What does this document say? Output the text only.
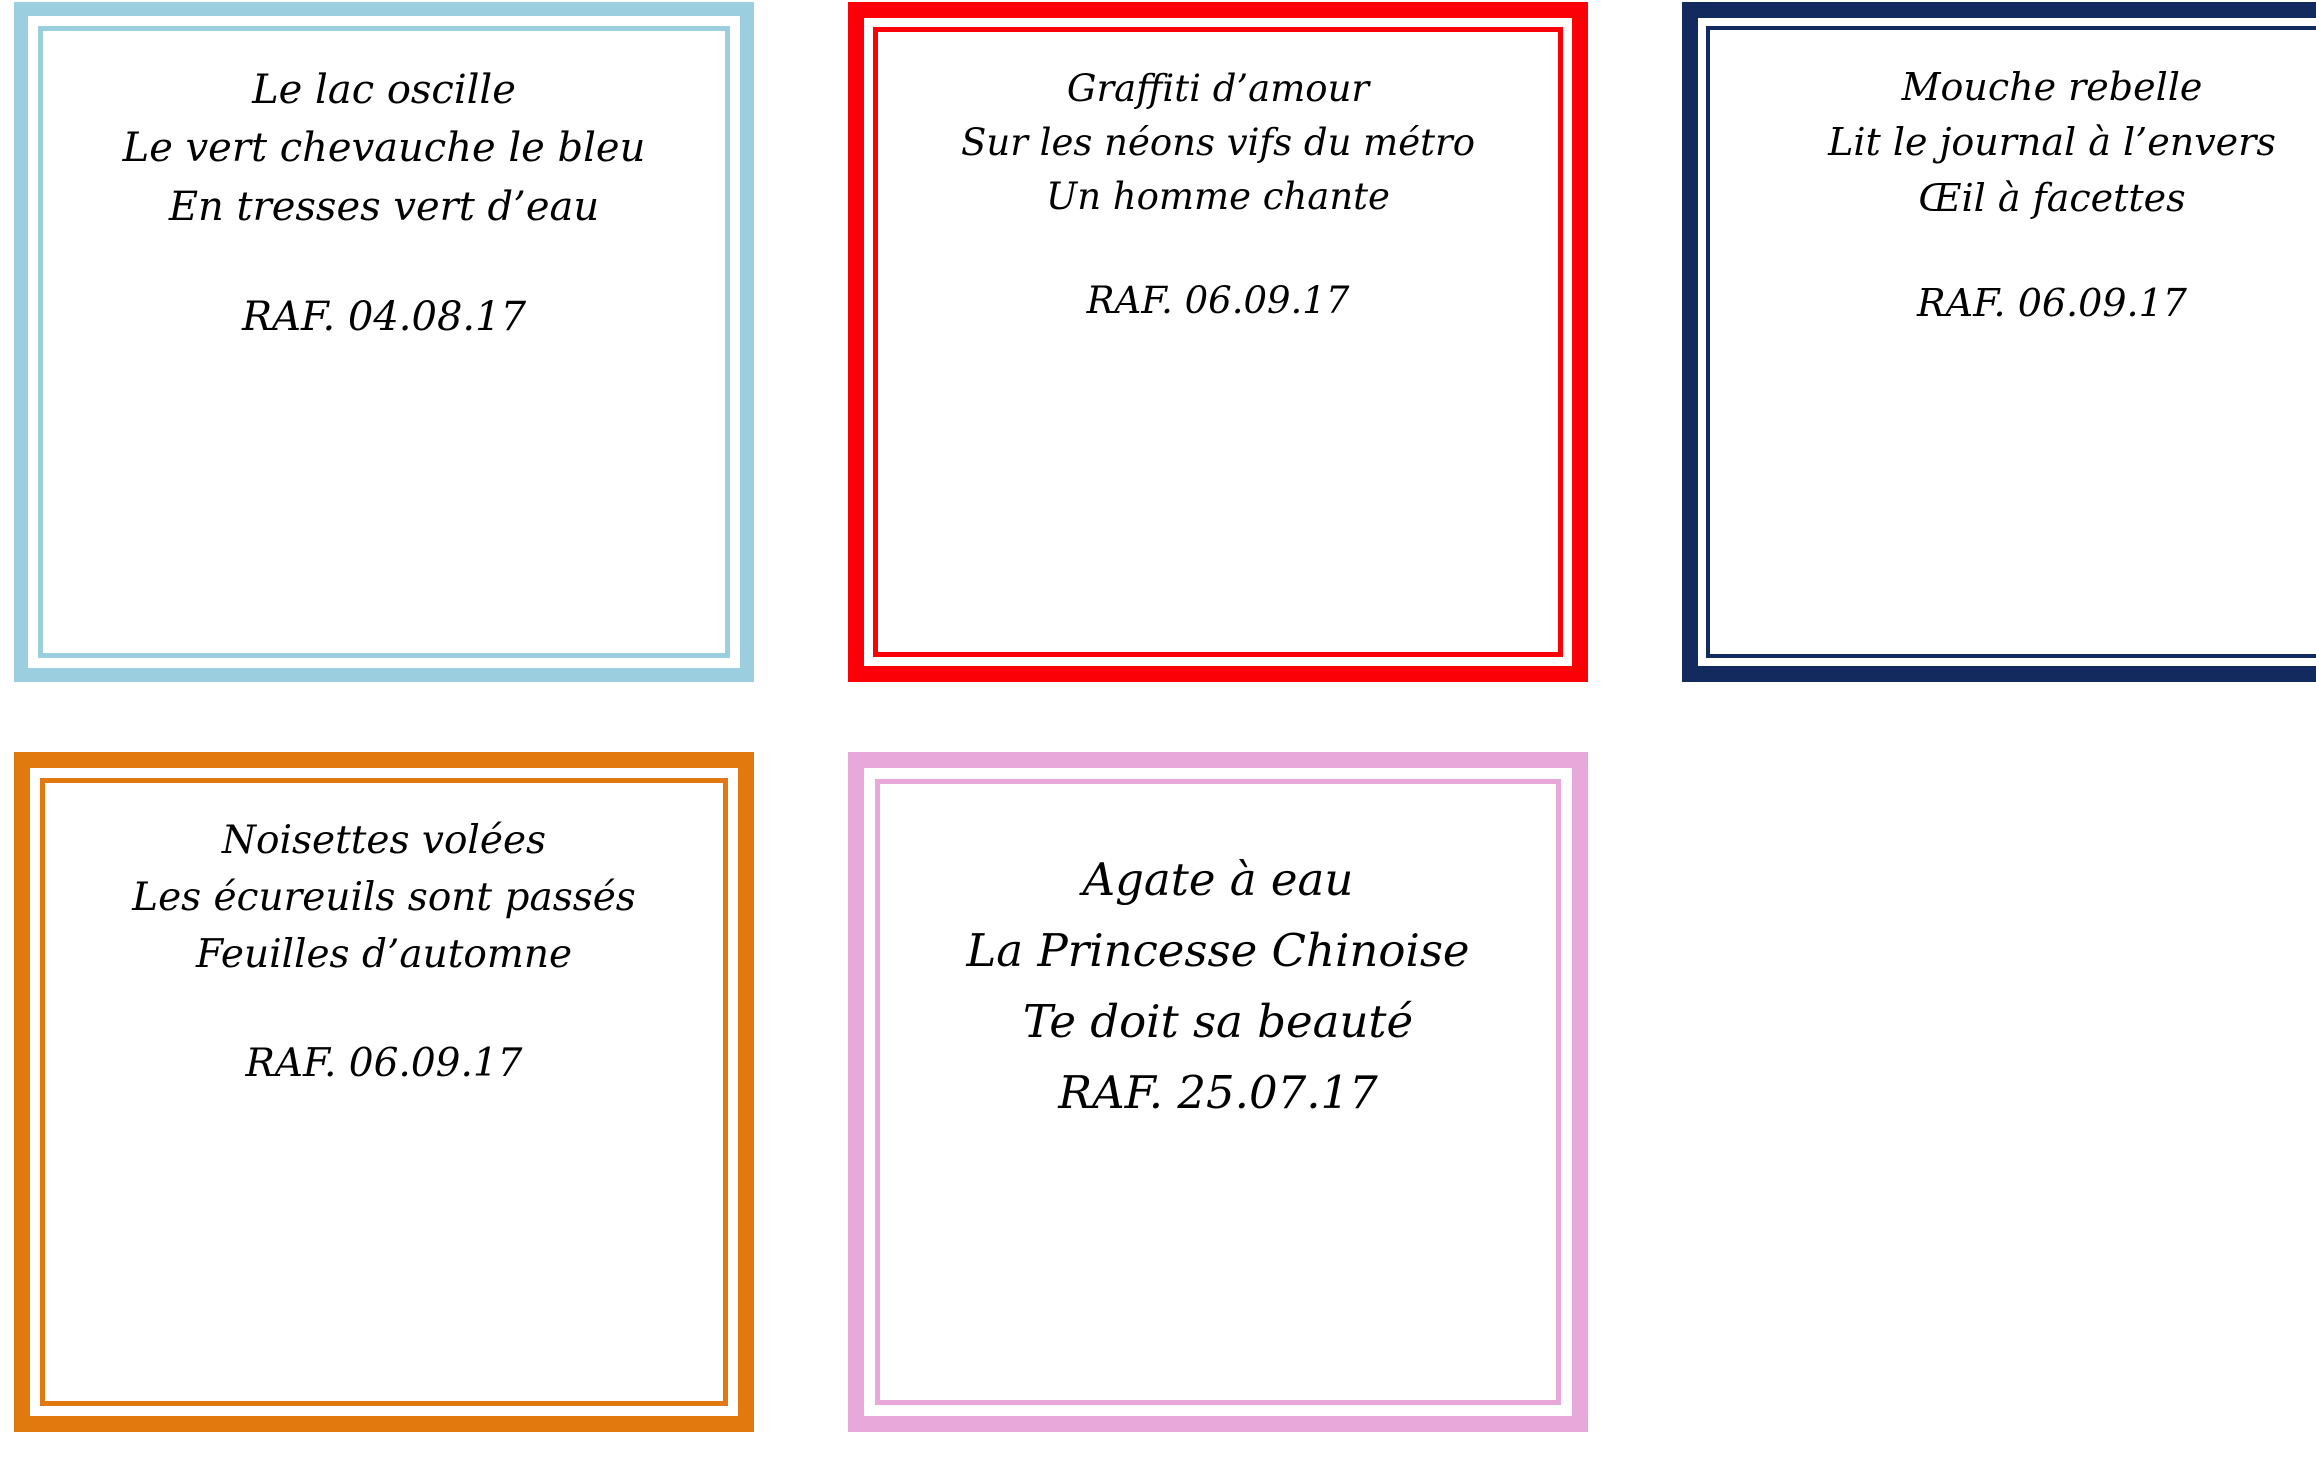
Le lac oscille
Le vert chevauche le bleu
En tresses vert d’eau
RAF. 04.08.17
Graffiti d’amour
Sur les néons vifs du métro
Un homme chante
RAF. 06.09.17
Mouche rebelle
Lit le journal à l’envers
Œil à facettes
RAF. 06.09.17
Noisettes volées
Les écureuils sont passés
Feuilles d’automne
RAF. 06.09.17
Agate à eau
La Princesse Chinoise
Te doit sa beauté
RAF. 25.07.17
